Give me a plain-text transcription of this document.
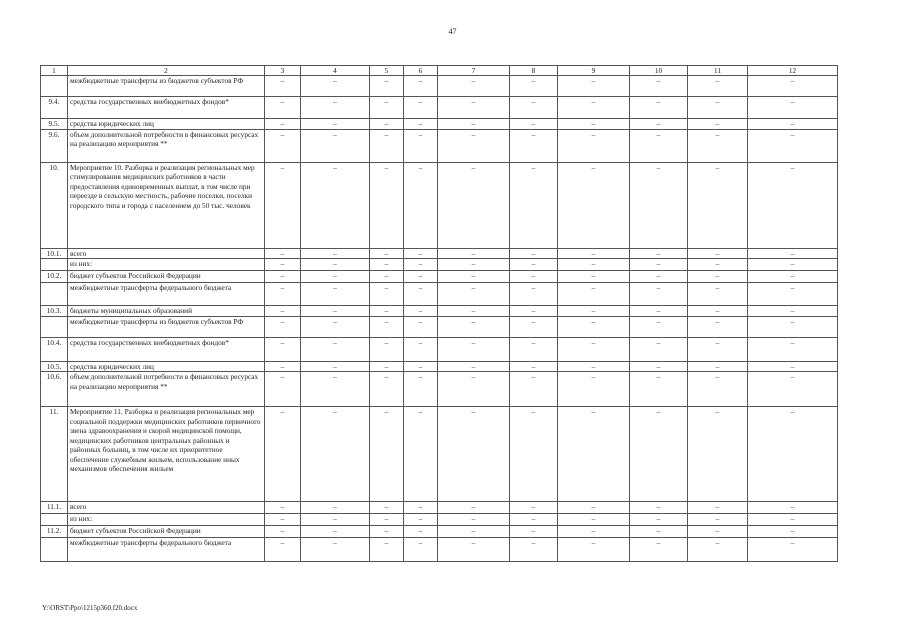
47
1	2	3	4	5	6	7	8	9	10	11	12
	межбюджетные трансферты из бюджетов субъектов РФ	–	–	–	–	–	–	–	–	–	–
9.4.	средства государственных внебюджетных фондов*	–	–	–	–	–	–	–	–	–	–
9.5.	средства юридических лиц	–	–	–	–	–	–	–	–	–	–
9.6.	объем дополнительной потребности в финансовых ресурсах на реализацию мероприятия **	–	–	–	–	–	–	–	–	–	–
10.	Мероприятие 10. Разборка и реализация региональных мер стимулирования медицинских работников в части предоставления единовременных выплат, в том числе при переезде в сельскую местность, рабочие поселки, поселки городского типа и города с населением до 50 тыс. человек	–	–	–	–	–	–	–	–	–	–
10.1.	всего	–	–	–	–	–	–	–	–	–	–
	из них:	–	–	–	–	–	–	–	–	–	–
10.2.	бюджет субъектов Российской Федерации	–	–	–	–	–	–	–	–	–	–
	межбюджетные трансферты федерального бюджета	–	–	–	–	–	–	–	–	–	–
10.3.	бюджеты муниципальных образований	–	–	–	–	–	–	–	–	–	–
	межбюджетные трансферты из бюджетов субъектов РФ	–	–	–	–	–	–	–	–	–	–
10.4.	средства государственных внебюджетных фондов*	–	–	–	–	–	–	–	–	–	–
10.5.	средства юридических лиц	–	–	–	–	–	–	–	–	–	–
10.6.	объем дополнительной потребности в финансовых ресурсах на реализацию мероприятия **	–	–	–	–	–	–	–	–	–	–
11.	Мероприятие 11. Разборка и реализация региональных мер социальной поддержки медицинских работников первичного звена здравоохранения и скорой медицинской помощи, медицинских работников центральных районных и районных больниц, в том числе их приоритетное обеспечение служебным жильем, использование иных механизмов обеспечения жильем	–	–	–	–	–	–	–	–	–	–
11.1.	всего	–	–	–	–	–	–	–	–	–	–
	из них:	–	–	–	–	–	–	–	–	–	–
11.2.	бюджет субъектов Российской Федерации	–	–	–	–	–	–	–	–	–	–
	межбюджетные трансферты федерального бюджета	–	–	–	–	–	–	–	–	–	–
Y:\ORST\Ppo\1215p360.f20.docx
